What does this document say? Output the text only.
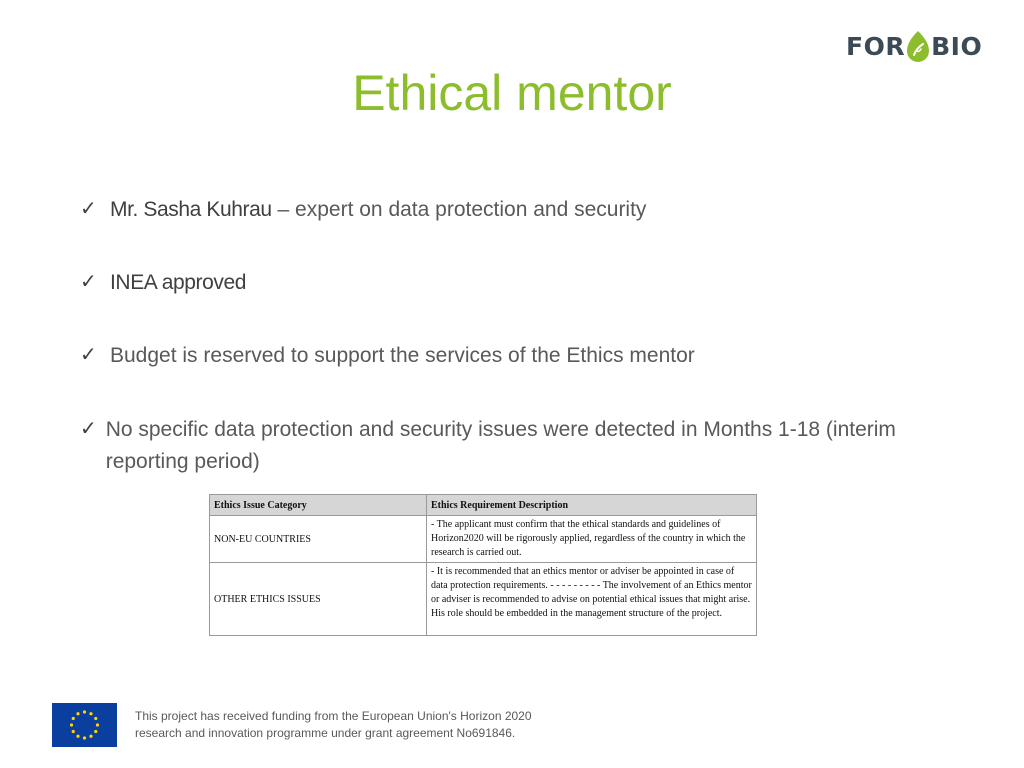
FOR BIO
Ethical mentor
✓ Mr. Sasha Kuhrau – expert on data protection and security
✓ INEA approved
✓ Budget is reserved to support the services of the Ethics mentor
✓ No specific data protection and security issues were detected in Months 1-18 (interim reporting period)
Ethics Issue Category	Ethics Requirement Description
NON-EU COUNTRIES	- The applicant must confirm that the ethical standards and guidelines of Horizon2020 will be rigorously applied, regardless of the country in which the research is carried out.
OTHER ETHICS ISSUES	- It is recommended that an ethics mentor or adviser be appointed in case of data protection requirements. - - - - - - - - - The involvement of an Ethics mentor or adviser is recommended to advise on potential ethical issues that might arise. His role should be embedded in the management structure of the project.
This project has received funding from the European Union's Horizon 2020
research and innovation programme under grant agreement No691846.
